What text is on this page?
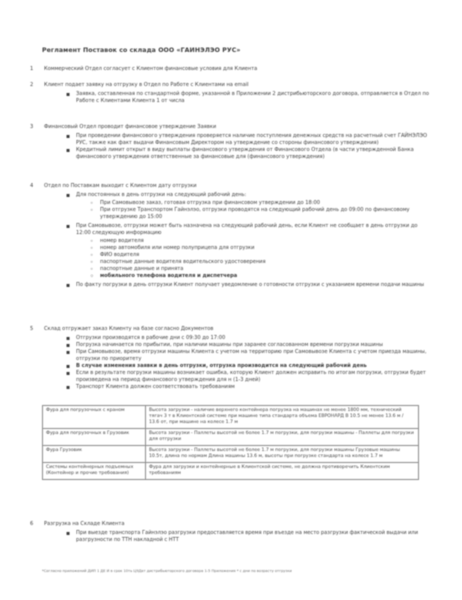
Регламент Поставок со склада ООО «ГАЙНЭЛЭО РУС»
1	Коммерческий Отдел согласует с Клиентом финансовые условия для Клиента
2	Клиент подает заявку на отгрузку в Отдел по Работе с Клиентами на email
▪ Заявка, составленная по стандартной форме, указанной в Приложении 2 дистрибьюторского договора, отправляется в Отдел по Работе с Клиентами Клиента 1 от числа
3	Финансовый Отдел проводит финансовое утверждение Заявки
▪ При проведении финансового утверждения проверяется наличие поступления денежных средств на расчетный счет ГАЙНЭЛЭО РУС, также как факт выдачи Финансовым Директором на утверждение со стороны финансового утверждения)
▪ Кредитный лимит открыт в виду выплаты финансового утверждения от Финансового Отдела (в части утвержденной Банка финансового утверждения ответственные за финансовые для (финансового утверждения)
4	Отдел по Поставкам выходит с Клиентом дату отгрузки
▪ Для постоянных в день отгрузки на следующий рабочий день:
◦ При Самовывозе заказ, готовая отгрузка при финансовом утверждении до 18:00
◦ При отгрузке Транспортом Гайнэлэо, отгрузки проводятся на следующий рабочий день до 09:00 по финансовому утверждению до 15:00
▪ При Самовывозе, отгрузки может быть назначена на следующий рабочий день, если Клиент не сообщает в день отгрузки до 12:00 следующую информацию
◦ номер водителя
◦ номер автомобиля или номер полуприцепа для отгрузки
◦ ФИО водителя
◦ паспортные данные водителя водительского удостоверения
◦ паспортные данные и принята
◦ мобильного телефона водителя и диспетчера
▪ По факту погрузки в день отгрузки Клиент получает уведомление о готовности отгрузки с указанием времени подачи машины
5	Склад отгружает заказ Клиенту на базе согласно Документов
▪ Отгрузки производятся в рабочие дни с 09:30 до 17:00
▪ Погрузка начинается по прибытии, при наличии машины при заранее согласованном времени погрузки машины
▪ При Самовывозе, время отгрузки машины Клиента с учетом на территорию при Самовывозе Клиента с учетом приезда машины, отгрузки по приоритету
▪ В случае изменения заявки в день отгрузки, отгрузка производится на следующий рабочий день
▪ Если в результате погрузки машины возникает ошибка, которую Клиент должен исправить по итогам погрузки, отгрузки будет произведена на период финансового утверждения для н (1-3 дней)
▪ Транспорт Клиента должен соответствовать требованиям
Фура для погрузочных с краном	Высота загрузки - наличие верхнего контейнера погрузка на машинах не менее 1800 мм, технический тягач 3 т в Клиентской системе при машине типа стандарта объема ЕВРОНАРД В 10.5 не менее 13.6 м / 13.6 от, при машине на колесе 1.7 м
Фура для погрузочных в Грузовик	Высота загрузки - Паллеты высотой не более 1.7 м погрузки, для погрузки машины - Паллеты для погрузки для отгрузки
Фура Грузовик	Высота загрузки - Паллеты высотой не более 1.7 м погрузки, для погрузки машины Грузовые машины 10.5т, длина по нормам Длина машины 13.6 м, высоты при погрузке стандарта на колесе 1.7 м
Системы контейнерных подъемных (Контейнер и прочие требования)	Фура для загрузки и контейнерные в Клиентской системе, не должна противоречить Клиентским требованиям
6	Разгрузка на Складе Клиента
▪ При выезде транспорта Гайнэлэо разгрузки предоставляется время при въезде на место разгрузки фактической выдачи или разгрузности по ТТН накладной с НТТ
*Согласно приложений ДИП 1 ДЕ И в срок 10ть Ц9Дат дистрибьюторского договора 1-5 Приложения * с дни по возрасту отгрузки
